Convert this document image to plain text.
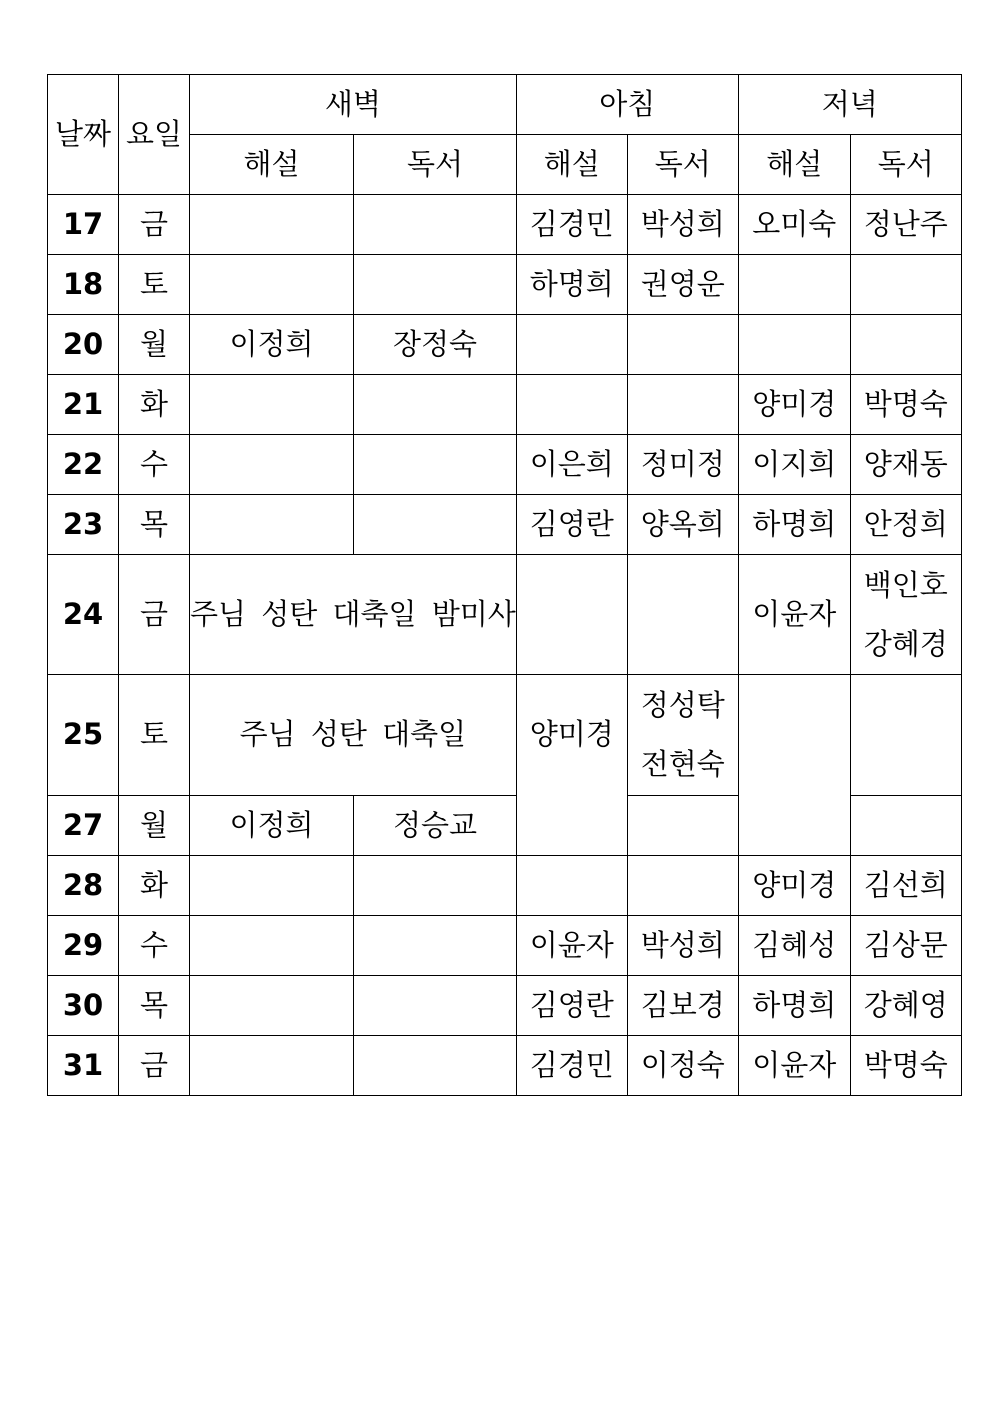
날짜	요일	새벽		아침		저녁	
		해설	독서	해설	독서	해설	독서
17	금			김경민	박성희	오미숙	정난주
18	토			하명희	권영운		
20	월	이정희	장정숙				
21	화					양미경	박명숙
22	수			이은희	정미정	이지희	양재동
23	목			김영란	양옥희	하명희	안정희
24	금	주님 성탄 대축일 밤미사				이윤자	백인호
강혜경

25	토	주님 성탄 대축일		양미경	정성탁
전현숙		

27	월	이정희	정승교				
28	화					양미경	김선희
29	수			이윤자	박성희	김혜성	김상문
30	목			김영란	김보경	하명희	강혜영
31	금			김경민	이정숙	이윤자	박명숙
